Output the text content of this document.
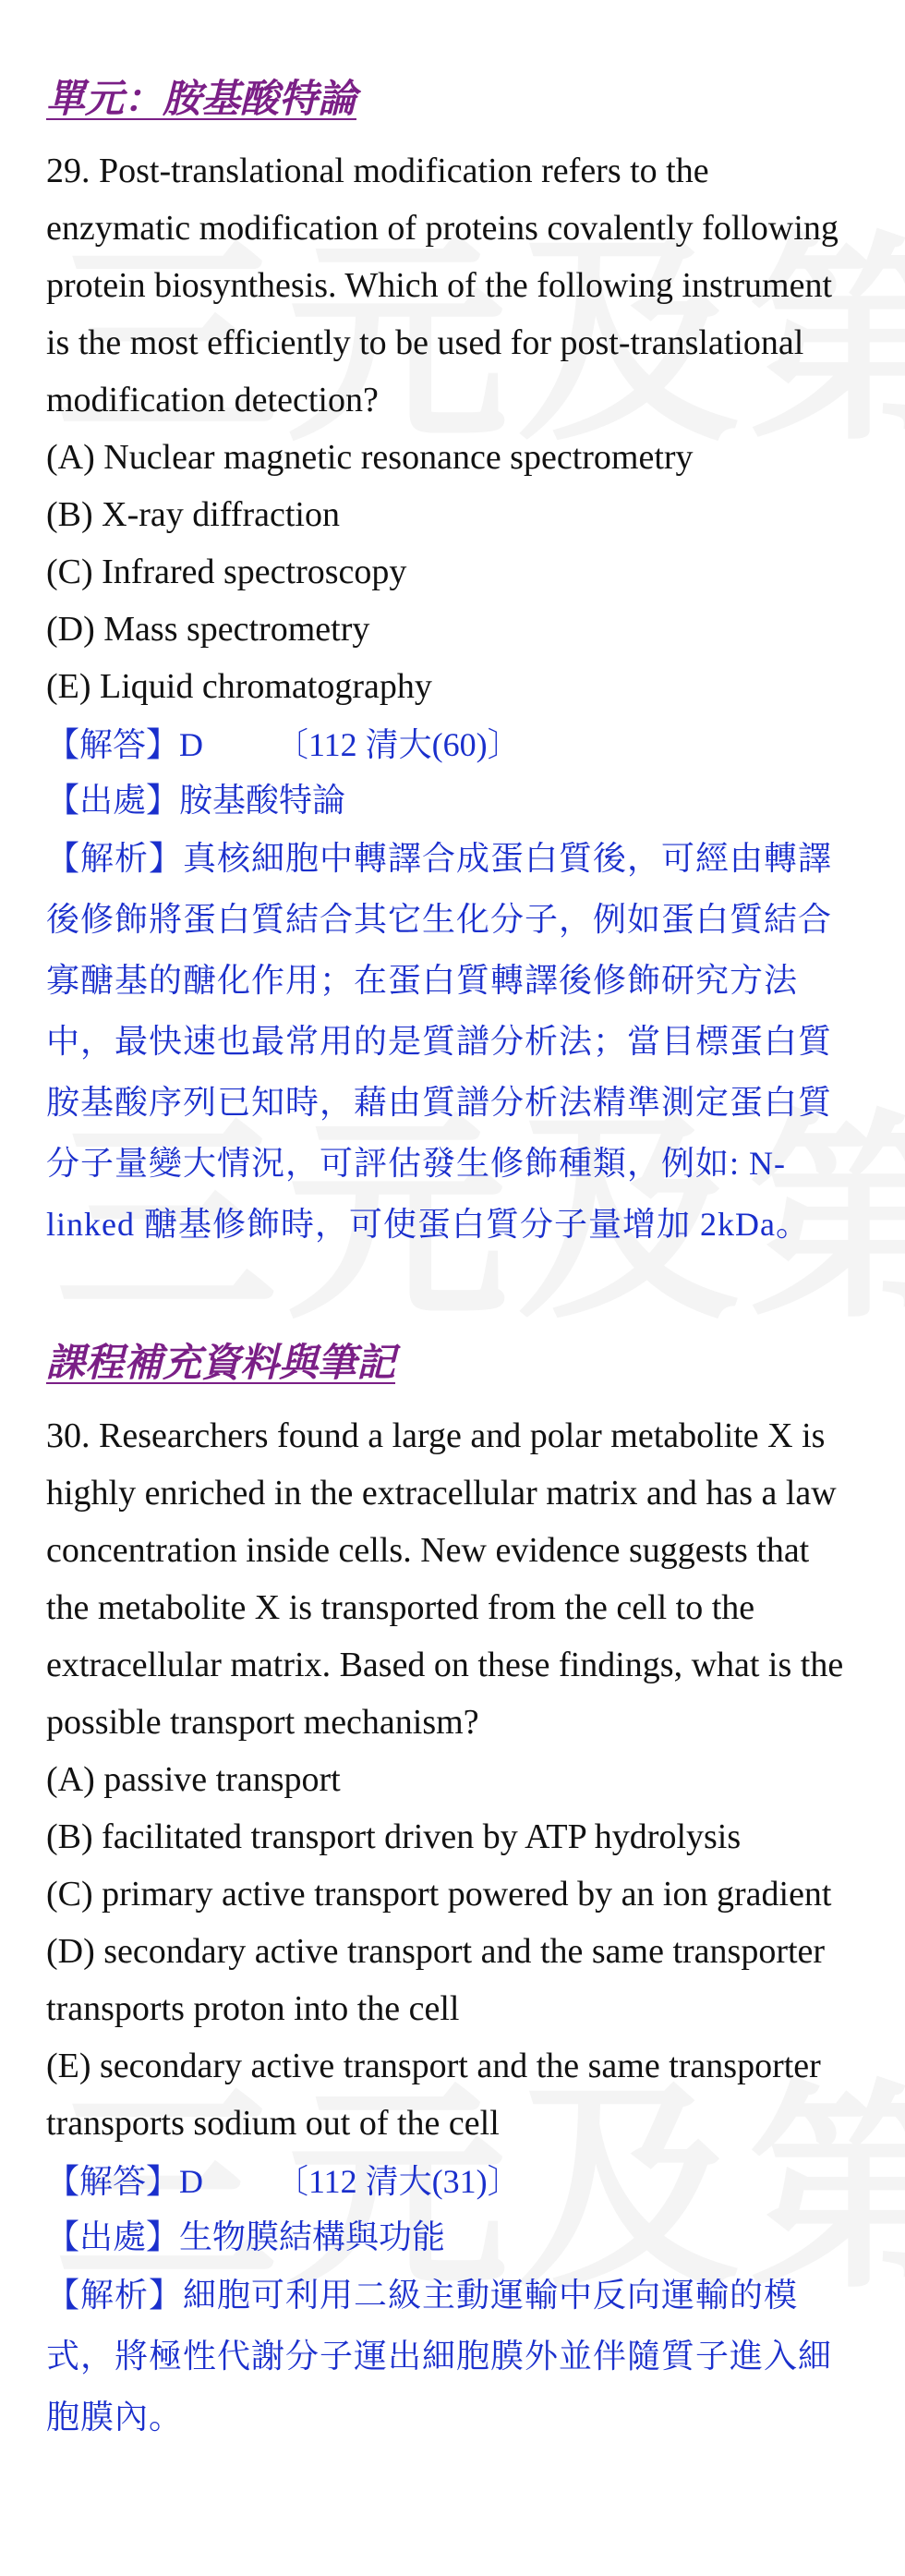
單元：胺基酸特論

29. Post-translational modification refers to the enzymatic modification of proteins covalently following protein biosynthesis. Which of the following instrument is the most efficiently to be used for post-translational modification detection?

(A) Nuclear magnetic resonance spectrometry
(B) X-ray diffraction
(C) Infrared spectroscopy
(D) Mass spectrometry
(E) Liquid chromatography
【解答】D 〔112 清大(60)〕
【出處】胺基酸特論
【解析】真核細胞中轉譯合成蛋白質後，可經由轉譯後修飾將蛋白質結合其它生化分子，例如蛋白質結合寡醣基的醣化作用；在蛋白質轉譯後修飾研究方法中，最快速也最常用的是質譜分析法；當目標蛋白質胺基酸序列已知時，藉由質譜分析法精準測定蛋白質分子量變大情況，可評估發生修飾種類，例如: N-linked 醣基修飾時，可使蛋白質分子量增加 2kDa。
課程補充資料與筆記

30. Researchers found a large and polar metabolite X is highly enriched in the extracellular matrix and has a law concentration inside cells. New evidence suggests that the metabolite X is transported from the cell to the extracellular matrix. Based on these findings, what is the possible transport mechanism?

(A) passive transport
(B) facilitated transport driven by ATP hydrolysis
(C) primary active transport powered by an ion gradient
(D) secondary active transport and the same transporter transports proton into the cell
(E) secondary active transport and the same transporter transports sodium out of the cell
【解答】D 〔112 清大(31)〕
【出處】生物膜結構與功能
【解析】細胞可利用二級主動運輸中反向運輸的模式，將極性代謝分子運出細胞膜外並伴隨質子進入細胞膜內。
